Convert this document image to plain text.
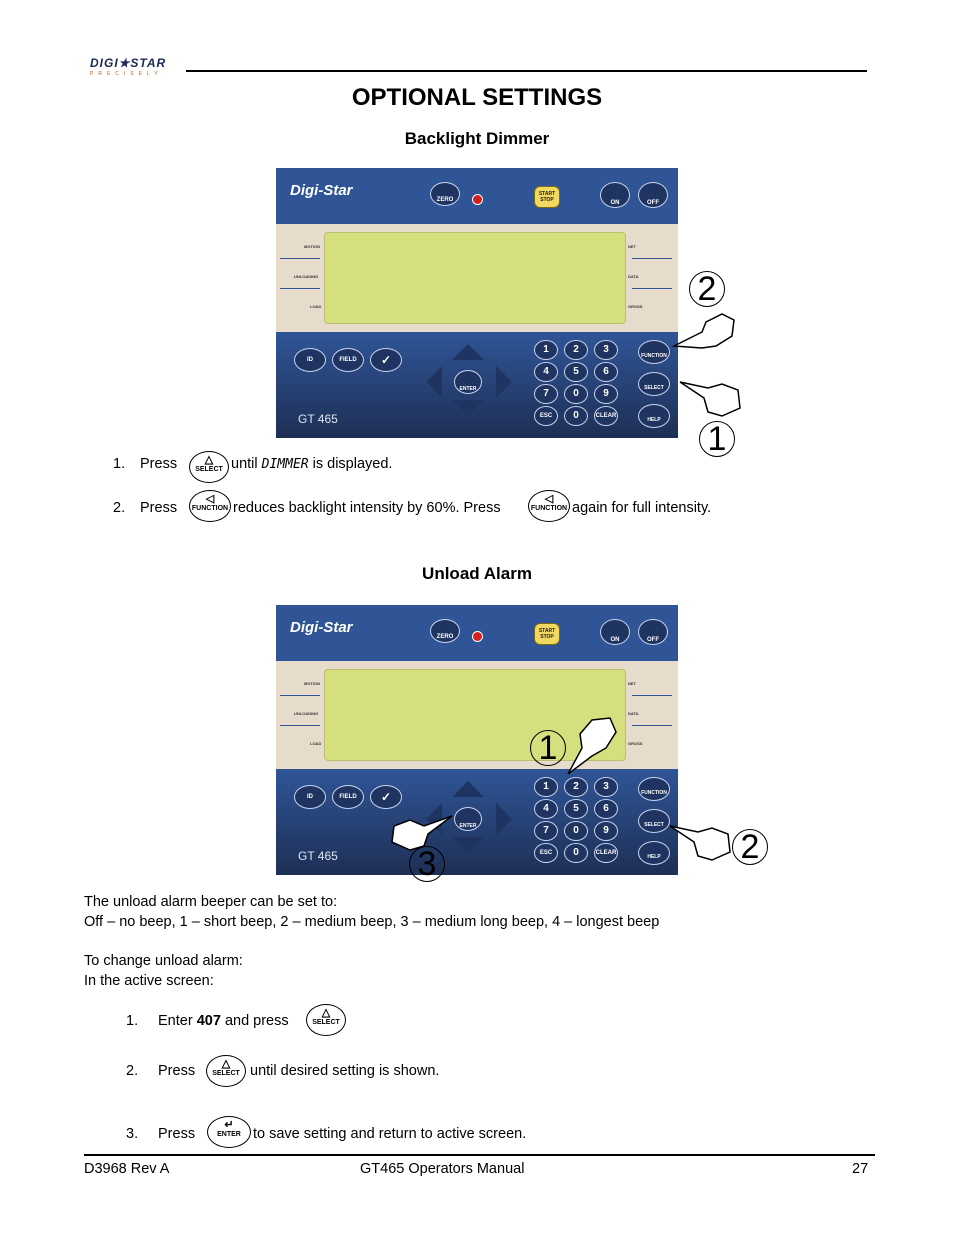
DIGI★STAR
PRECISELY
OPTIONAL SETTINGS
Backlight Dimmer
Digi-Star
ZERO
START
STOP	ON	OFF
MOTION
UNLOADING
LOAD
NET
DATA
GROSS
ID	FIELD	✓
ENTER
1	2	3
4	5	6
7	0	9
ESC	0	CLEAR
FUNCTION
SELECT
HELP
GT 465
2
1
1. Press	△
SELECT until DIMMER is displayed.
2. Press
◁
FUNCTION reduces backlight intensity by 60%. Press
◁
FUNCTION again for full intensity.
Unload Alarm
Digi-Star
ZERO
START
STOP	ON	OFF
MOTION
UNLOADING
LOAD
NET
DATA
GROSS
ID	FIELD	✓
ENTER
1	2	3
4	5	6
7	0	9
ESC	0	CLEAR
FUNCTION
SELECT
HELP
GT 465
1
2
3
The unload alarm beeper can be set to:
Off – no beep, 1 – short beep, 2 – medium beep, 3 – medium long beep, 4 – longest beep
To change unload alarm:
In the active screen:
1. Enter 407 and press	△
SELECT
2. Press	△
SELECT until desired setting is shown.
3. Press
↵
ENTER to save setting and return to active screen.
D3968 Rev A	GT465 Operators Manual	27
